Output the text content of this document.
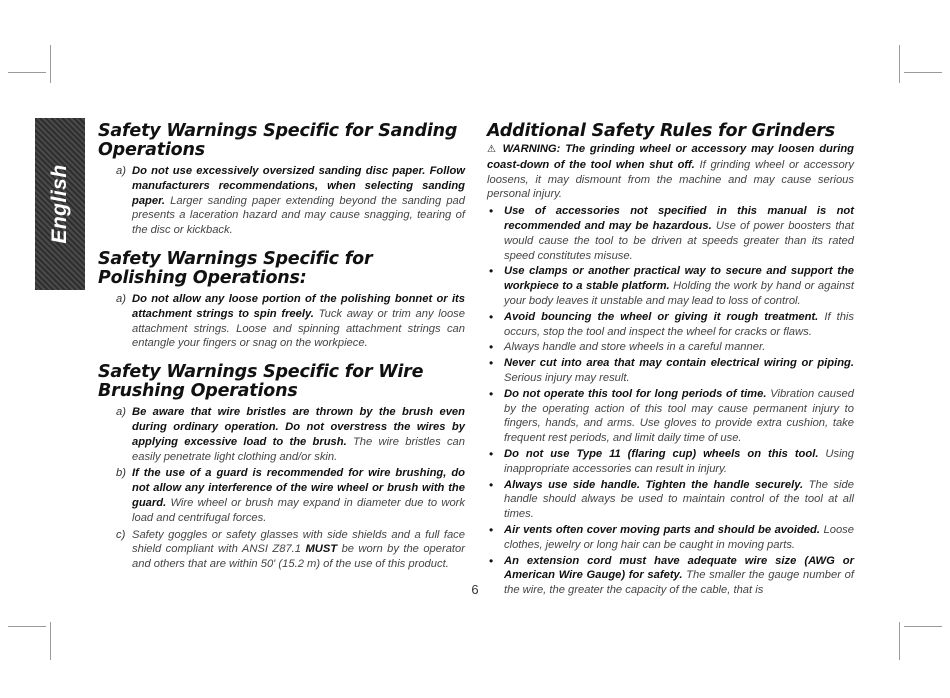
English
Safety Warnings Specific for Sanding Operations
a) Do not use excessively oversized sanding disc paper. Follow manufacturers recommendations, when selecting sanding paper. Larger sanding paper extending beyond the sanding pad presents a laceration hazard and may cause snagging, tearing of the disc or kickback.
Safety Warnings Specific for Polishing Operations:
a) Do not allow any loose portion of the polishing bonnet or its attachment strings to spin freely. Tuck away or trim any loose attachment strings. Loose and spinning attachment strings can entangle your fingers or snag on the workpiece.
Safety Warnings Specific for Wire Brushing Operations
a) Be aware that wire bristles are thrown by the brush even during ordinary operation. Do not overstress the wires by applying excessive load to the brush. The wire bristles can easily penetrate light clothing and/or skin.
b) If the use of a guard is recommended for wire brushing, do not allow any interference of the wire wheel or brush with the guard. Wire wheel or brush may expand in diameter due to work load and centrifugal forces.
c) Safety goggles or safety glasses with side shields and a full face shield compliant with ANSI Z87.1 MUST be worn by the operator and others that are within 50' (15.2 m) of the use of this product.
Additional Safety Rules for Grinders
⚠ WARNING: The grinding wheel or accessory may loosen during coast-down of the tool when shut off. If grinding wheel or accessory loosens, it may dismount from the machine and may cause serious personal injury.
• Use of accessories not specified in this manual is not recommended and may be hazardous. Use of power boosters that would cause the tool to be driven at speeds greater than its rated speed constitutes misuse.
• Use clamps or another practical way to secure and support the workpiece to a stable platform. Holding the work by hand or against your body leaves it unstable and may lead to loss of control.
• Avoid bouncing the wheel or giving it rough treatment. If this occurs, stop the tool and inspect the wheel for cracks or flaws.
• Always handle and store wheels in a careful manner.
• Never cut into area that may contain electrical wiring or piping. Serious injury may result.
• Do not operate this tool for long periods of time. Vibration caused by the operating action of this tool may cause permanent injury to fingers, hands, and arms. Use gloves to provide extra cushion, take frequent rest periods, and limit daily time of use.
• Do not use Type 11 (flaring cup) wheels on this tool. Using inappropriate accessories can result in injury.
• Always use side handle. Tighten the handle securely. The side handle should always be used to maintain control of the tool at all times.
• Air vents often cover moving parts and should be avoided. Loose clothes, jewelry or long hair can be caught in moving parts.
• An extension cord must have adequate wire size (AWG or American Wire Gauge) for safety. The smaller the gauge number of the wire, the greater the capacity of the cable, that is
6
